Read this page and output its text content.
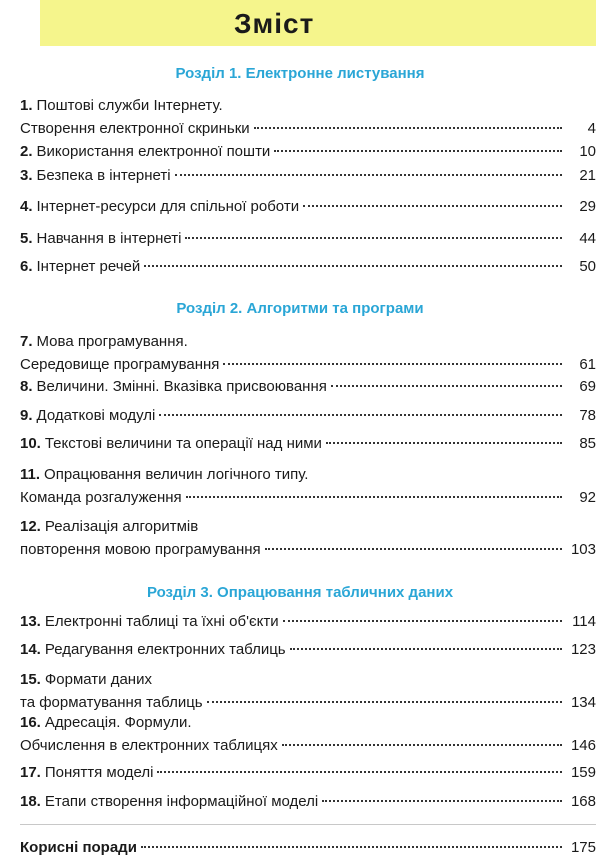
Зміст
Розділ 1. Електронне листування
1. Поштові служби Інтернету.
Створення електронної скриньки	4
2. Використання електронної пошти	10
3. Безпека в інтернеті	21
4. Інтернет-ресурси для спільної роботи	29
5. Навчання в інтернеті	44
6. Інтернет речей	50
Розділ 2. Алгоритми та програми
7. Мова програмування.
Середовище програмування	61
8. Величини. Змінні. Вказівка присвоювання	69
9. Додаткові модулі	78
10. Текстові величини та операції над ними	85
11. Опрацювання величин логічного типу.
Команда розгалуження	92
12. Реалізація алгоритмів
повторення мовою програмування	103
Розділ 3. Опрацювання табличних даних
13. Електронні таблиці та їхні об'єкти	114
14. Редагування електронних таблиць	123
15. Формати даних
та форматування таблиць	134
16. Адресація. Формули.
Обчислення в електронних таблицях	146
17. Поняття моделі	159
18. Етапи створення інформаційної моделі	168
Корисні поради	175
